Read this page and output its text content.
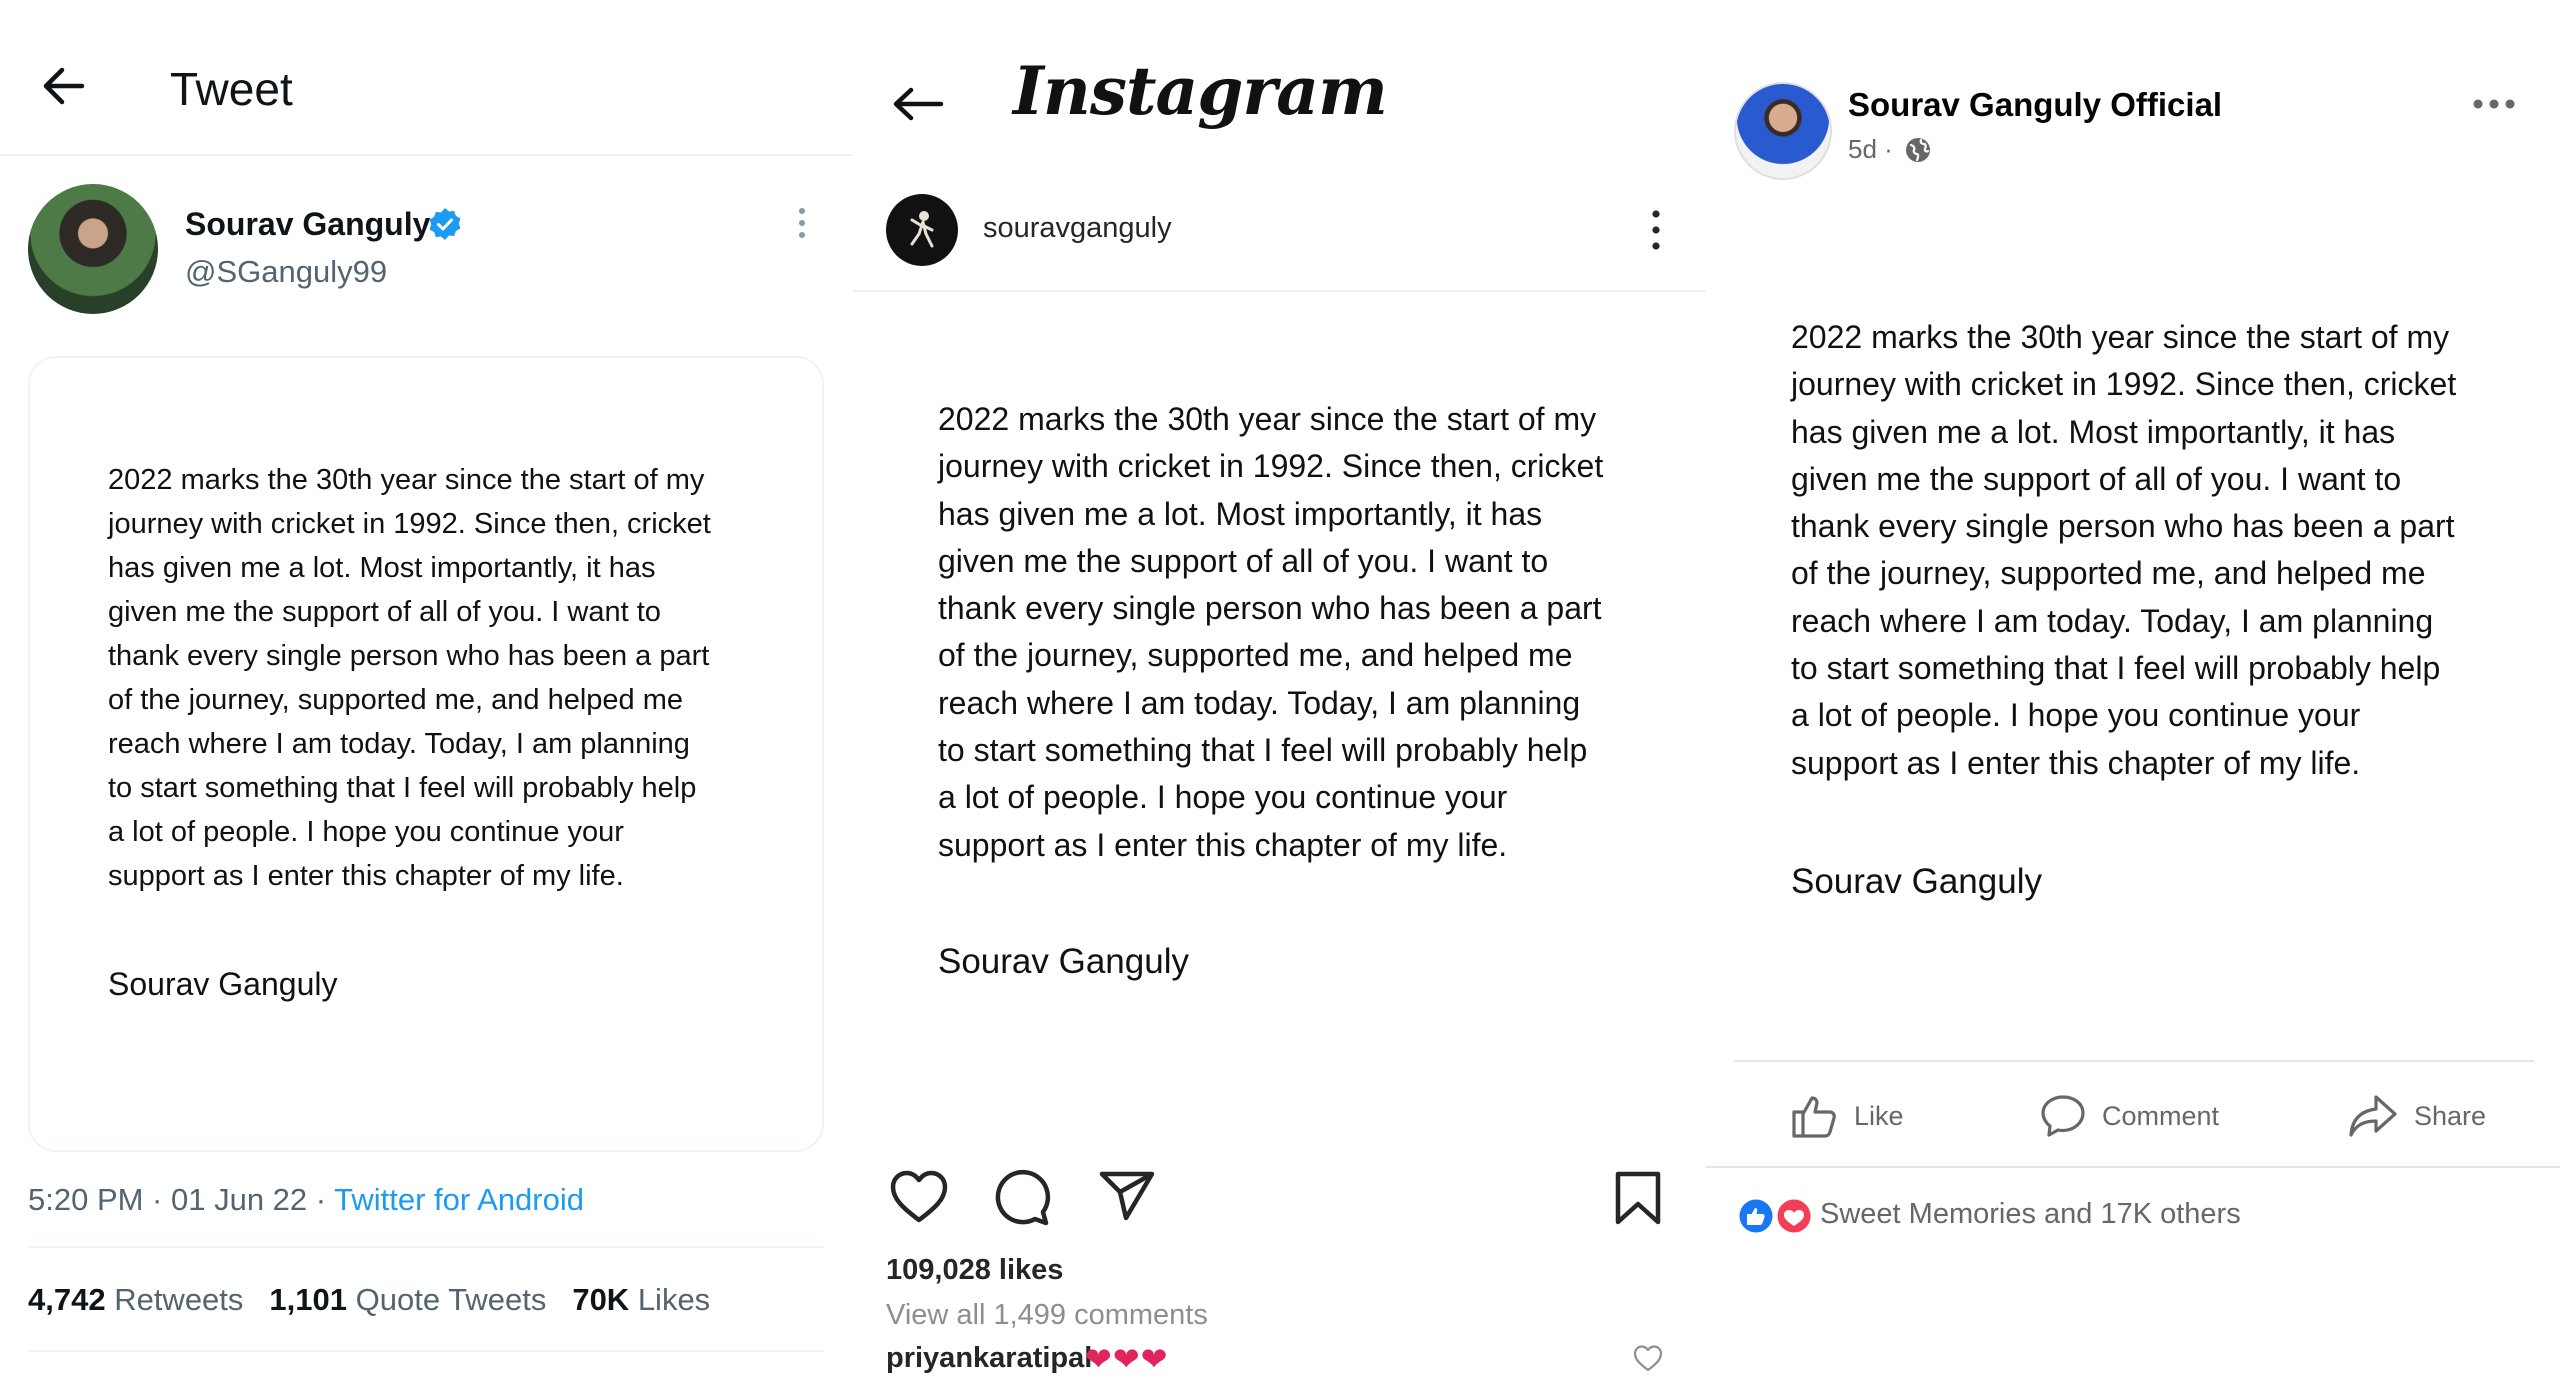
Tweet
Sourav Ganguly
@SGanguly99
2022 marks the 30th year since the start of my
journey with cricket in 1992. Since then, cricket
has given me a lot. Most importantly, it has
given me the support of all of you. I want to
thank every single person who has been a part
of the journey, supported me, and helped me
reach where I am today. Today, I am planning
to start something that I feel will probably help
a lot of people. I hope you continue your
support as I enter this chapter of my life.
Sourav Ganguly
5:20 PM · 01 Jun 22 · Twitter for Android
4,742 Retweets 1,101 Quote Tweets 70K Likes
Instagram
souravganguly
2022 marks the 30th year since the start of my
journey with cricket in 1992. Since then, cricket
has given me a lot. Most importantly, it has
given me the support of all of you. I want to
thank every single person who has been a part
of the journey, supported me, and helped me
reach where I am today. Today, I am planning
to start something that I feel will probably help
a lot of people. I hope you continue your
support as I enter this chapter of my life.
Sourav Ganguly
109,028 likes
View all 1,499 comments
priyankaratipal
❤❤❤
Sourav Ganguly Official
5d ·
2022 marks the 30th year since the start of my
journey with cricket in 1992. Since then, cricket
has given me a lot. Most importantly, it has
given me the support of all of you. I want to
thank every single person who has been a part
of the journey, supported me, and helped me
reach where I am today. Today, I am planning
to start something that I feel will probably help
a lot of people. I hope you continue your
support as I enter this chapter of my life.
Sourav Ganguly
Like	Comment	Share
Sweet Memories and 17K others
